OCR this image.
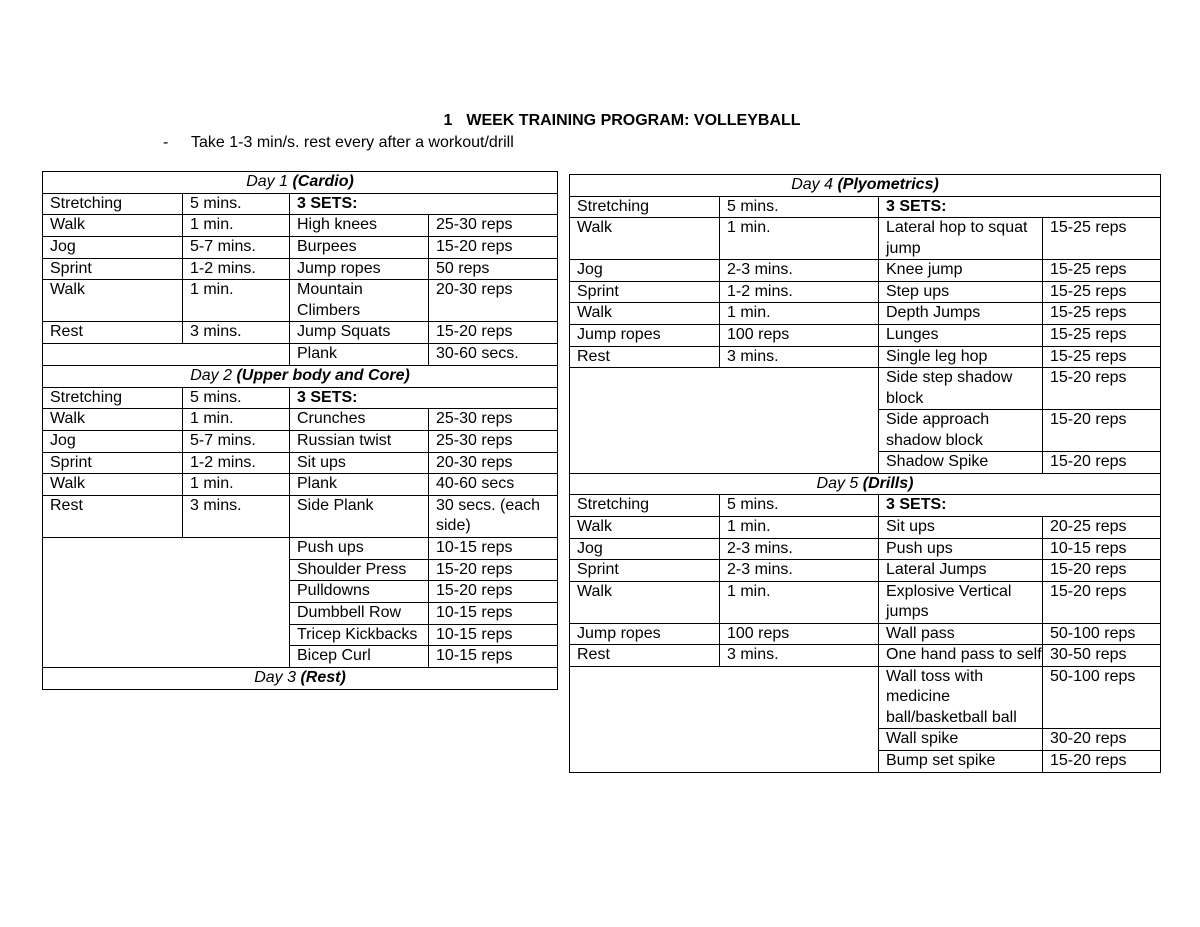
1 WEEK TRAINING PROGRAM: VOLLEYBALL
- Take 1-3 min/s. rest every after a workout/drill
Day 1 (Cardio)			
Stretching	5 mins.	3 SETS:	
Walk	1 min.	High knees	25-30 reps
Jog	5-7 mins.	Burpees	15-20 reps
Sprint	1-2 mins.	Jump ropes	50 reps
Walk	1 min.	Mountain Climbers	20-30 reps
Rest	3 mins.	Jump Squats	15-20 reps
		Plank	30-60 secs.
Day 2 (Upper body and Core)			
Stretching	5 mins.	3 SETS:	
Walk	1 min.	Crunches	25-30 reps
Jog	5-7 mins.	Russian twist	25-30 reps
Sprint	1-2 mins.	Sit ups	20-30 reps
Walk	1 min.	Plank	40-60 secs
Rest	3 mins.	Side Plank	30 secs. (each side)
		Push ups	10-15 reps
		Shoulder Press	15-20 reps
		Pulldowns	15-20 reps
		Dumbbell Row	10-15 reps
		Tricep Kickbacks	10-15 reps
		Bicep Curl	10-15 reps
Day 3 (Rest)			
Day 4 (Plyometrics)			
Stretching	5 mins.	3 SETS:	
Walk	1 min.	Lateral hop to squat jump	15-25 reps
Jog	2-3 mins.	Knee jump	15-25 reps
Sprint	1-2 mins.	Step ups	15-25 reps
Walk	1 min.	Depth Jumps	15-25 reps
Jump ropes	100 reps	Lunges	15-25 reps
Rest	3 mins.	Single leg hop	15-25 reps
		Side step shadow block	15-20 reps
		Side approach shadow block	15-20 reps
		Shadow Spike	15-20 reps
Day 5 (Drills)			
Stretching	5 mins.	3 SETS:	
Walk	1 min.	Sit ups	20-25 reps
Jog	2-3 mins.	Push ups	10-15 reps
Sprint	2-3 mins.	Lateral Jumps	15-20 reps
Walk	1 min.	Explosive Vertical jumps	15-20 reps
Jump ropes	100 reps	Wall pass	50-100 reps
Rest	3 mins.	One hand pass to self	30-50 reps
		Wall toss with medicine ball/basketball ball	50-100 reps
		Wall spike	30-20 reps
		Bump set spike	15-20 reps
